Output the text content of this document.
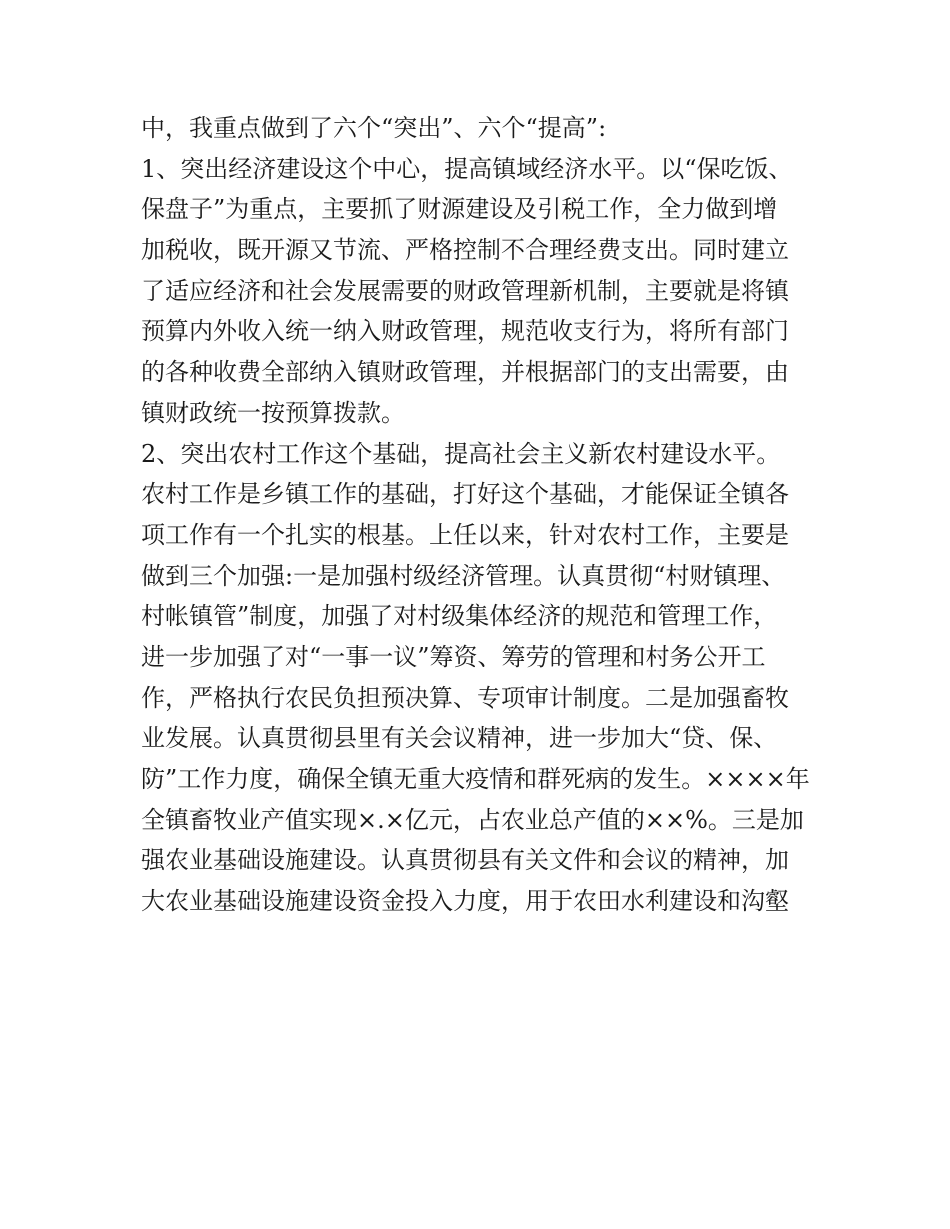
中，我重点做到了六个“突出”、六个“提高”:
1、突出经济建设这个中心，提高镇域经济水平。以“保吃饭、
保盘子”为重点，主要抓了财源建设及引税工作，全力做到增
加税收，既开源又节流、严格控制不合理经费支出。同时建立
了适应经济和社会发展需要的财政管理新机制，主要就是将镇
预算内外收入统一纳入财政管理，规范收支行为，将所有部门
的各种收费全部纳入镇财政管理，并根据部门的支出需要，由
镇财政统一按预算拨款。
2、突出农村工作这个基础，提高社会主义新农村建设水平。
农村工作是乡镇工作的基础，打好这个基础，才能保证全镇各
项工作有一个扎实的根基。上任以来，针对农村工作，主要是
做到三个加强:一是加强村级经济管理。认真贯彻“村财镇理、
村帐镇管”制度，加强了对村级集体经济的规范和管理工作，
进一步加强了对“一事一议”筹资、筹劳的管理和村务公开工
作，严格执行农民负担预决算、专项审计制度。二是加强畜牧
业发展。认真贯彻县里有关会议精神，进一步加大“贷、保、
防”工作力度，确保全镇无重大疫情和群死病的发生。××××年
全镇畜牧业产值实现×.×亿元，占农业总产值的××%。三是加
强农业基础设施建设。认真贯彻县有关文件和会议的精神，加
大农业基础设施建设资金投入力度，用于农田水利建设和沟壑
